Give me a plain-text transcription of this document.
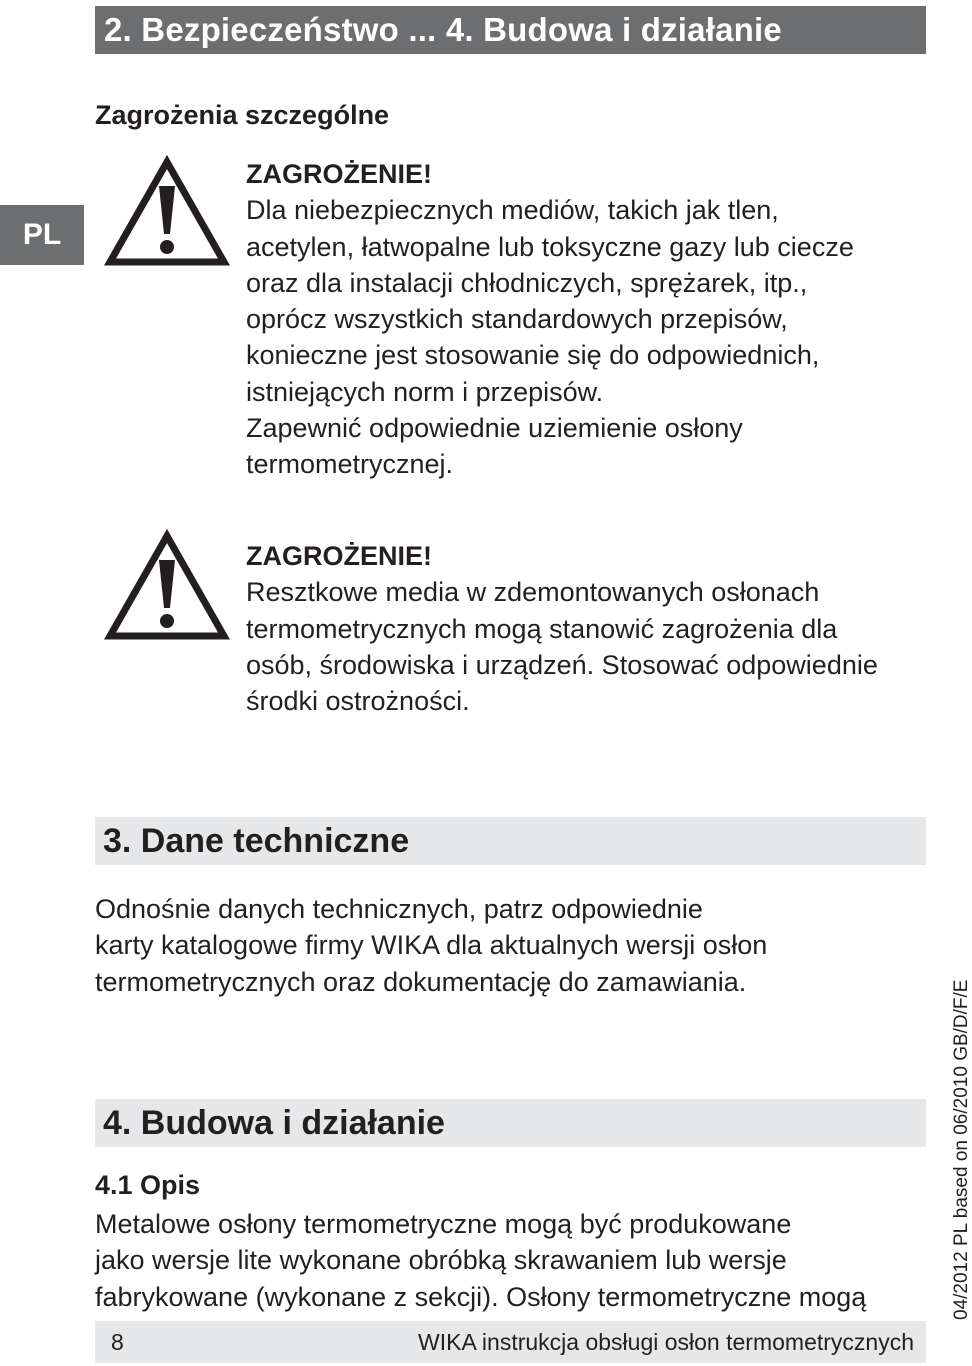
2. Bezpieczeństwo ... 4. Budowa i działanie
PL
Zagrożenia szczególne
ZAGROŻENIE!
Dla niebezpiecznych mediów, takich jak tlen,
acetylen, łatwopalne lub toksyczne gazy lub ciecze
oraz dla instalacji chłodniczych, sprężarek, itp.,
oprócz wszystkich standardowych przepisów,
konieczne jest stosowanie się do odpowiednich,
istniejących norm i przepisów.
Zapewnić odpowiednie uziemienie osłony
termometrycznej.
ZAGROŻENIE!
Resztkowe media w zdemontowanych osłonach
termometrycznych mogą stanowić zagrożenia dla
osób, środowiska i urządzeń. Stosować odpowiednie
środki ostrożności.
3. Dane techniczne
Odnośnie danych technicznych, patrz odpowiednie
karty katalogowe firmy WIKA dla aktualnych wersji osłon
termometrycznych oraz dokumentację do zamawiania.
4. Budowa i działanie
4.1 Opis
Metalowe osłony termometryczne mogą być produkowane
jako wersje lite wykonane obróbką skrawaniem lub wersje
fabrykowane (wykonane z sekcji). Osłony termometryczne mogą
8	WIKA instrukcja obsługi osłon termometrycznych
04/2012 PL based on 06/2010 GB/D/F/E
